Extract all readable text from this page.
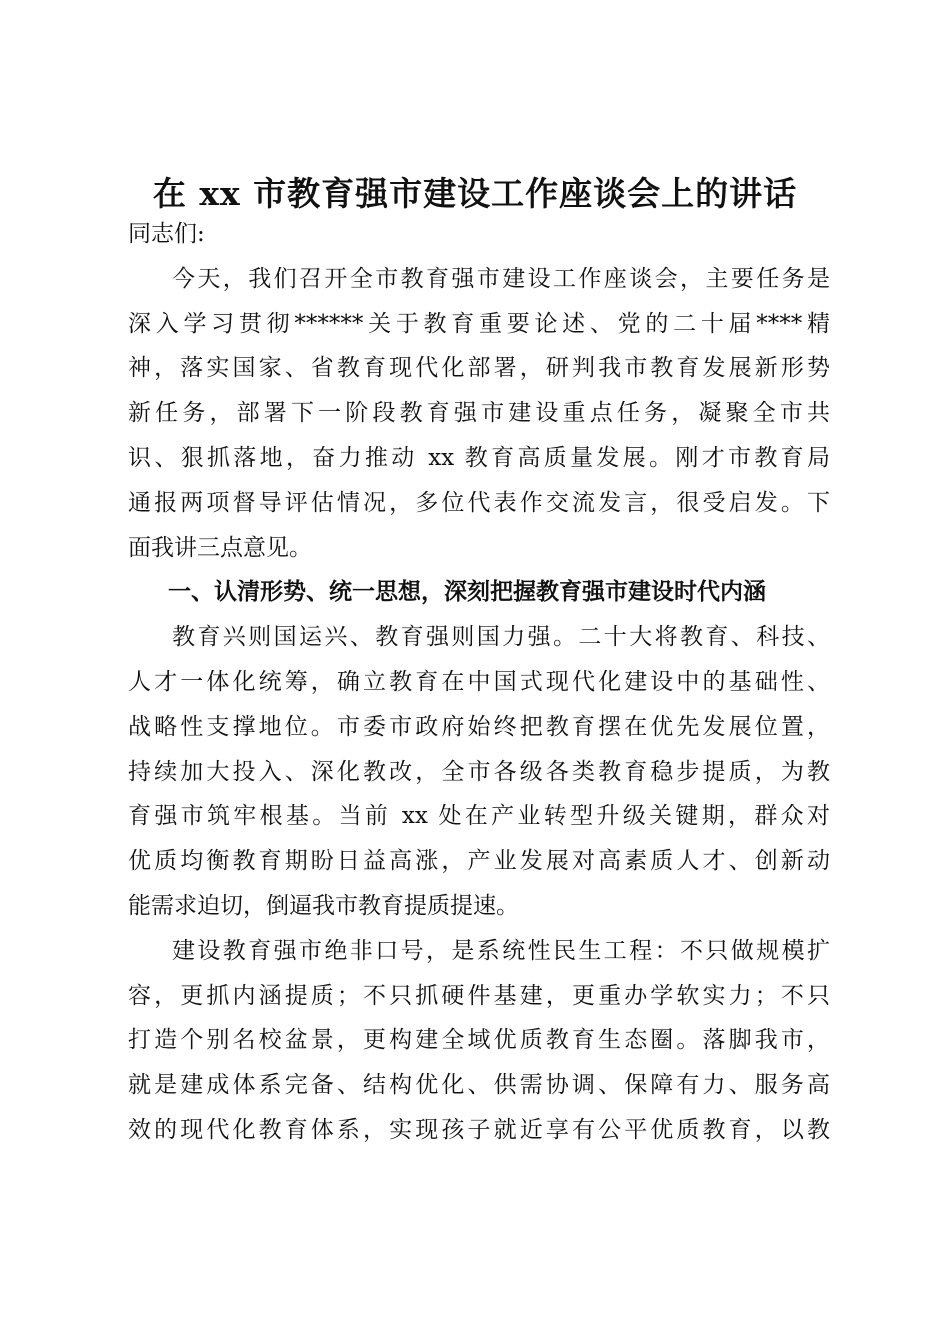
在 xx 市教育强市建设工作座谈会上的讲话
同志们:
今天，我们召开全市教育强市建设工作座谈会，主要任务是
深入学习贯彻******关于教育重要论述、党的二十届****精
神，落实国家、省教育现代化部署，研判我市教育发展新形势
新任务，部署下一阶段教育强市建设重点任务，凝聚全市共
识、狠抓落地，奋力推动 xx 教育高质量发展。刚才市教育局
通报两项督导评估情况，多位代表作交流发言，很受启发。下
面我讲三点意见。
一、认清形势、统一思想，深刻把握教育强市建设时代内涵
教育兴则国运兴、教育强则国力强。二十大将教育、科技、
人才一体化统筹，确立教育在中国式现代化建设中的基础性、
战略性支撑地位。市委市政府始终把教育摆在优先发展位置，
持续加大投入、深化教改，全市各级各类教育稳步提质，为教
育强市筑牢根基。当前 xx 处在产业转型升级关键期，群众对
优质均衡教育期盼日益高涨，产业发展对高素质人才、创新动
能需求迫切，倒逼我市教育提质提速。
建设教育强市绝非口号，是系统性民生工程：不只做规模扩
容，更抓内涵提质；不只抓硬件基建，更重办学软实力；不只
打造个别名校盆景，更构建全域优质教育生态圈。落脚我市，
就是建成体系完备、结构优化、供需协调、保障有力、服务高
效的现代化教育体系，实现孩子就近享有公平优质教育，以教
